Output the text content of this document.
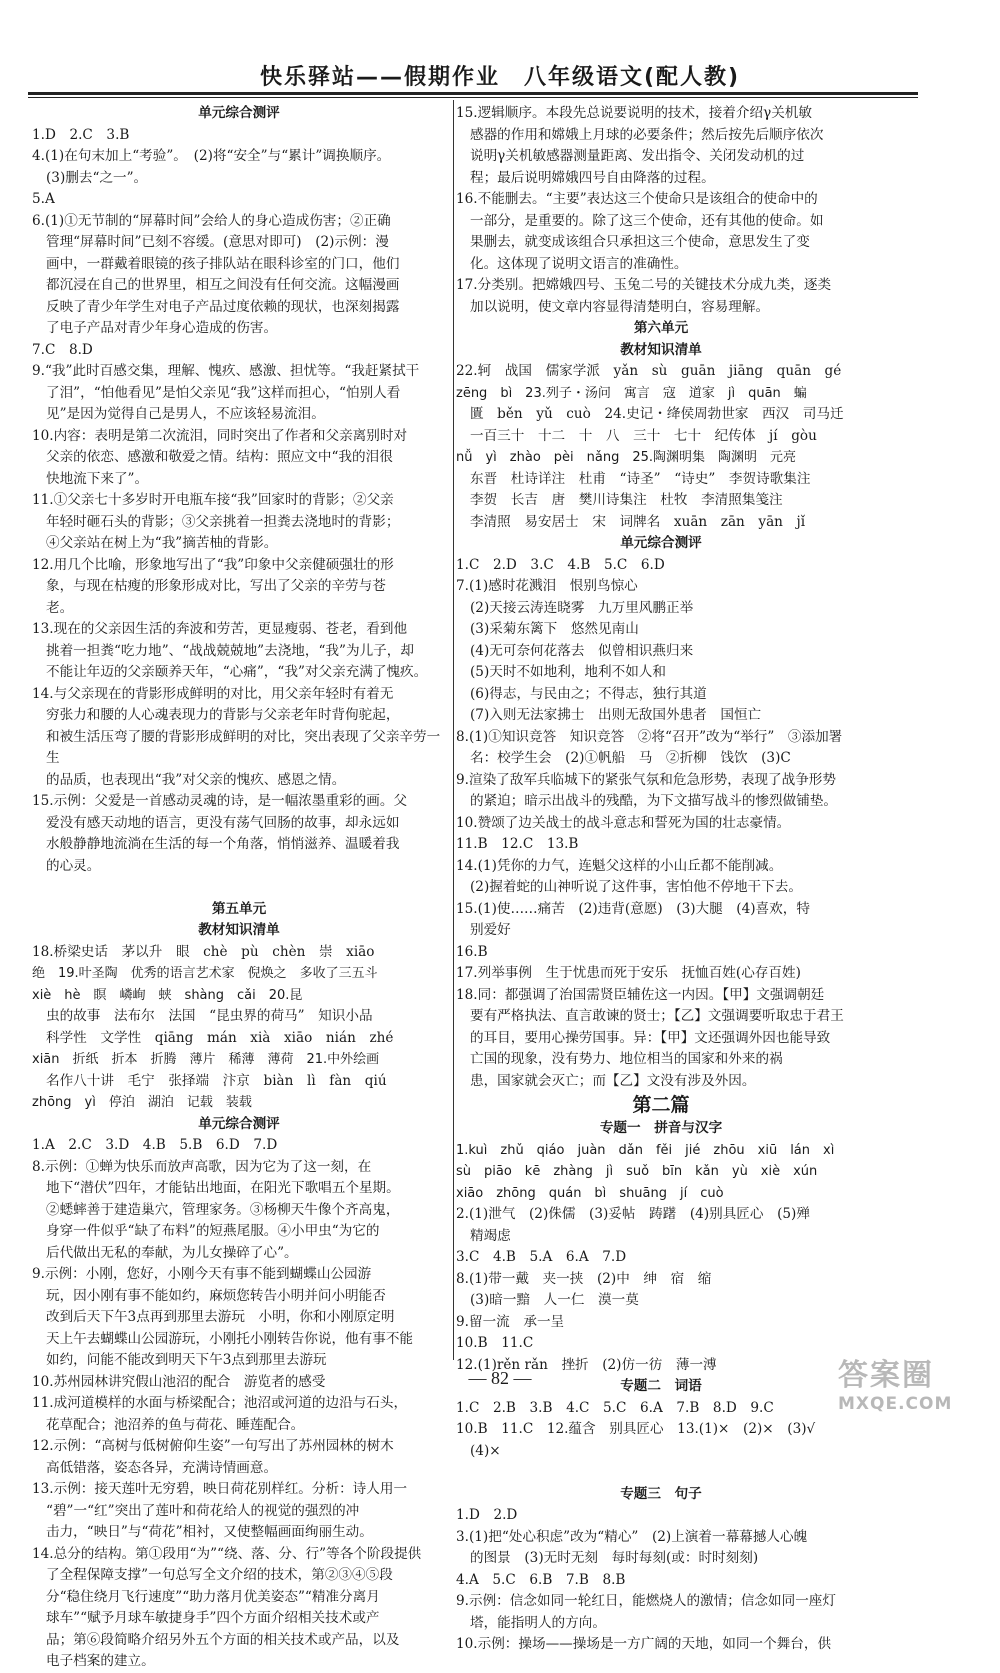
快乐驿站——假期作业　八年级语文(配人教)
单元综合测评
1.D　2.C　3.B
4.(1)在句末加上“考验”。　(2)将“安全”与“累计”调换顺序。
(3)删去“之一”。
5.A
6.(1)①无节制的“屏幕时间”会给人的身心造成伤害；②正确
管理“屏幕时间”已刻不容缓。(意思对即可)　(2)示例：漫
画中，一群戴着眼镜的孩子排队站在眼科诊室的门口，他们
都沉浸在自己的世界里，相互之间没有任何交流。这幅漫画
反映了青少年学生对电子产品过度依赖的现状，也深刻揭露
了电子产品对青少年身心造成的伤害。
7.C　8.D
9.“我”此时百感交集，理解、愧疚、感激、担忧等。“我赶紧拭干
了泪”，“怕他看见”是怕父亲见“我”这样而担心，“怕别人看
见”是因为觉得自己是男人，不应该轻易流泪。
10.内容：表明是第二次流泪，同时突出了作者和父亲离别时对
父亲的依恋、感激和敬爱之情。结构：照应文中“我的泪很
快地流下来了”。
11.①父亲七十多岁时开电瓶车接“我”回家时的背影；②父亲
年轻时砸石头的背影；③父亲挑着一担粪去浇地时的背影；
④父亲站在树上为“我”摘苦柚的背影。
12.用几个比喻，形象地写出了“我”印象中父亲健硕强壮的形
象，与现在枯瘦的形象形成对比，写出了父亲的辛劳与苍
老。
13.现在的父亲因生活的奔波和劳苦，更显瘦弱、苍老，看到他
挑着一担粪“吃力地”、“战战兢兢地”去浇地，“我”为儿子，却
不能让年迈的父亲颐养天年，“心痛”，“我”对父亲充满了愧疚。
14.与父亲现在的背影形成鲜明的对比，用父亲年轻时有着无
穷张力和腰的人心魂表现力的背影与父亲老年时背佝驼起，
和被生活压弯了腰的背影形成鲜明的对比，突出表现了父亲辛劳一生
的品质，也表现出“我”对父亲的愧疚、感恩之情。
15.示例：父爱是一首感动灵魂的诗，是一幅浓墨重彩的画。父
爱没有感天动地的语言，更没有荡气回肠的故事，却永远如
水般静静地流淌在生活的每一个角落，悄悄滋养、温暖着我
的心灵。

第五单元
教材知识清单
18.桥梁史话　茅以升　眼　chè　pù　chèn　崇　xiāo
绝　19.叶圣陶　优秀的语言艺术家　倪焕之　多收了三五斗
xiè　hè　瞑　嶙峋　蛱　shàng　cǎi　20.昆
虫的故事　法布尔　法国　“昆虫界的荷马”　知识小品
科学性　文学性　qiāng　mán　xià　xiāo　nián　zhé
xiān　折纸　折本　折腾　薄片　稀薄　薄荷　21.中外绘画
名作八十讲　毛宁　张择端　汴京　biàn　lì　fàn　qiú
zhōng　yì　停泊　湖泊　记载　装载
单元综合测评
1.A　2.C　3.D　4.B　5.B　6.D　7.D
8.示例：①蝉为快乐而放声高歌，因为它为了这一刻，在
地下“潜伏”四年，才能钻出地面，在阳光下歌唱五个星期。
②蟋蟀善于建造巢穴，管理家务。③杨柳天牛像个齐高鬼，
身穿一件似乎“缺了布料”的短燕尾服。④小甲虫“为它的
后代做出无私的奉献，为儿女操碎了心”。
9.示例：小刚，您好，小刚今天有事不能到蝴蝶山公园游
玩，因小刚有事不能如约，麻烦您转告小明并问小明能否
改到后天下午3点再到那里去游玩　小明，你和小刚原定明
天上午去蝴蝶山公园游玩，小刚托小刚转告你说，他有事不能
如约，问能不能改到明天下午3点到那里去游玩
10.苏州园林讲究假山池沼的配合　游览者的感受
11.成河道模样的水面与桥梁配合；池沼或河道的边沿与石头，
花草配合；池沼养的鱼与荷花、睡莲配合。
12.示例：“高树与低树俯仰生姿”一句写出了苏州园林的树木
高低错落，姿态各异，充满诗情画意。
13.示例：接天莲叶无穷碧，映日荷花别样红。分析：诗人用一
“碧”一“红”突出了莲叶和荷花给人的视觉的强烈的冲
击力，“映日”与“荷花”相衬，又使整幅画面绚丽生动。
14.总分的结构。第①段用“为”“绕、落、分、行”等各个阶段提供
了全程保障支撑”一句总写全文介绍的技术，第②③④⑤段
分“稳住绕月飞行速度”“助力落月优美姿态”“精准分离月
球车”“赋予月球车敏捷身手”四个方面介绍相关技术或产
品；第⑥段简略介绍另外五个方面的相关技术或产品，以及
电子档案的建立。
15.逻辑顺序。本段先总说要说明的技术，接着介绍γ关机敏
感器的作用和嫦娥上月球的必要条件；然后按先后顺序依次
说明γ关机敏感器测量距离、发出指令、关闭发动机的过
程；最后说明嫦娥四号自由降落的过程。
16.不能删去。“主要”表达这三个使命只是该组合的使命中的
一部分，是重要的。除了这三个使命，还有其他的使命。如
果删去，就变成该组合只承担这三个使命，意思发生了变
化。这体现了说明文语言的准确性。
17.分类别。把嫦娥四号、玉兔二号的关键技术分成九类，逐类
加以说明，使文章内容显得清楚明白，容易理解。
第六单元
教材知识清单
22.轲　战国　儒家学派　yǎn　sù　guān　jiāng　quān　gé
zēng　bì　23.列子・汤问　寓言　寇　道家　jì　quān　蝙
匱　běn　yǔ　cuò　24.史记・绛侯周勃世家　西汉　司马迁
一百三十　十二　十　八　三十　七十　纪传体　jí　gòu
nǚ　yì　zhào　pèi　nǎng　25.陶渊明集　陶渊明　元亮
东晋　杜诗详注　杜甫　“诗圣”　“诗史”　李贺诗歌集注
李贺　长吉　唐　樊川诗集注　杜牧　李清照集笺注
李清照　易安居士　宋　词牌名　xuān　zān　yān　jǐ
单元综合测评
1.C　2.D　3.C　4.B　5.C　6.D
7.(1)感时花溅泪　恨别鸟惊心
(2)天接云涛连晓雾　九万里风鹏正举
(3)采菊东篱下　悠然见南山
(4)无可奈何花落去　似曾相识燕归来
(5)天时不如地利，地利不如人和
(6)得志，与民由之；不得志，独行其道
(7)入则无法家拂士　出则无敌国外患者　国恒亡
8.(1)①知识竞答　知识竞答　②将“召开”改为“举行”　③添加署
名：校学生会　(2)①帆船　马　②折柳　饯饮　(3)C
9.渲染了敌军兵临城下的紧张气氛和危急形势，表现了战争形势
的紧迫；暗示出战斗的残酷，为下文描写战斗的惨烈做铺垫。
10.赞颂了边关战士的战斗意志和誓死为国的壮志豪情。
11.B　12.C　13.B
14.(1)凭你的力气，连魁父这样的小山丘都不能削减。
(2)握着蛇的山神听说了这件事，害怕他不停地干下去。
15.(1)使……痛苦　(2)违背(意愿)　(3)大腿　(4)喜欢，特
别爱好
16.B
17.列举事例　生于忧患而死于安乐　抚恤百姓(心存百姓)
18.同：都强调了治国需贤臣辅佐这一内因。【甲】文强调朝廷
要有严格执法、直言敢谏的贤士；【乙】文强调要听取忠于君王
的耳目，要用心操劳国事。异：【甲】文还强调外因也能导致
亡国的现象，没有势力、地位相当的国家和外来的祸
患，国家就会灭亡；而【乙】文没有涉及外因。
第二篇
专题一　拼音与汉字
1.kuì　zhǔ　qiáo　juàn　dǎn　fěi　jié　zhōu　xiū　lán　xì
sù　piāo　kē　zhàng　jì　suǒ　bīn　kǎn　yù　xiè　xún
xiāo　zhōng　quán　bì　shuāng　jí　cuò
2.(1)泄气　(2)侏儒　(3)妥帖　踌躇　(4)别具匠心　(5)殚
精竭虑
3.C　4.B　5.A　6.A　7.D
8.(1)带一戴　夹一挟　(2)中　绅　宿　缩
(3)暗一黯　人一仁　漠一莫
9.留一流　承一呈
10.B　11.C
12.(1)rěn rǎn　挫折　(2)仿一彷　薄一溥
专题二　词语
1.C　2.B　3.B　4.C　5.C　6.A　7.B　8.D　9.C
10.B　11.C　12.蕴含　别具匠心　13.(1)×　(2)×　(3)√
(4)×

专题三　句子
1.D　2.D
3.(1)把“处心积虑”改为“精心”　(2)上演着一幕幕撼人心魄
的图景　(3)无时无刻　每时每刻(或：时时刻刻)
4.A　5.C　6.B　7.B　8.B
9.示例：信念如同一轮红日，能燃烧人的激情；信念如同一座灯
塔，能指明人的方向。
10.示例：操场——操场是一方广阔的天地，如同一个舞台，供
— 82 —	答案圈
MXQE.COM
